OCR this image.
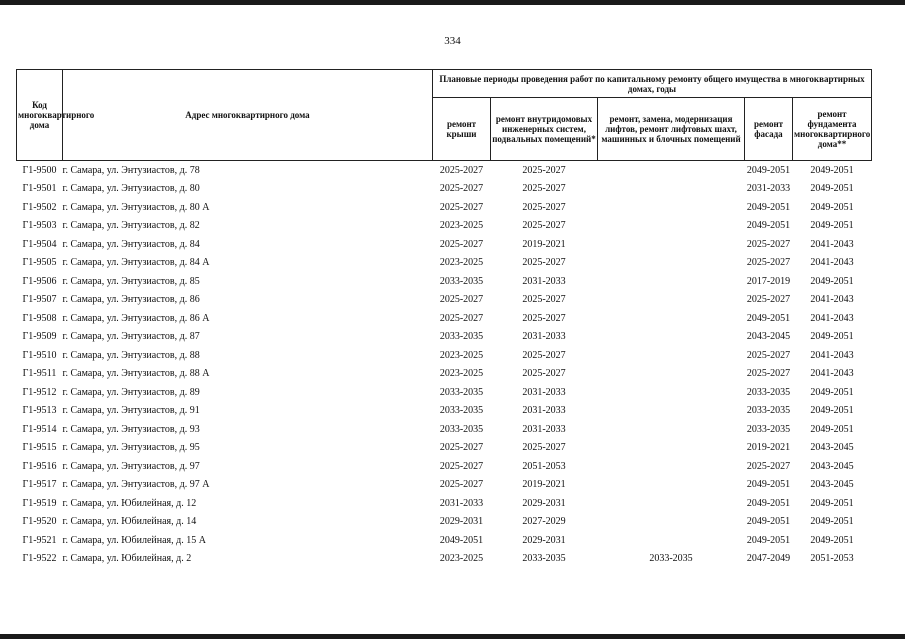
334
Код многоквартирного дома	Адрес многоквартирного дома	Плановые периоды проведения работ по капитальному ремонту общего имущества в многоквартирных домах, годы				
		ремонт крыши	ремонт внутридомовых инженерных систем, подвальных помещений*	ремонт, замена, модернизация лифтов, ремонт лифтовых шахт, машинных и блочных помещений	ремонт фасада	ремонт фундамента многоквартирного дома**
Г1-9500	г. Самара, ул. Энтузиастов, д. 78	2025-2027	2025-2027		2049-2051	2049-2051
Г1-9501	г. Самара, ул. Энтузиастов, д. 80	2025-2027	2025-2027		2031-2033	2049-2051
Г1-9502	г. Самара, ул. Энтузиастов, д. 80 А	2025-2027	2025-2027		2049-2051	2049-2051
Г1-9503	г. Самара, ул. Энтузиастов, д. 82	2023-2025	2025-2027		2049-2051	2049-2051
Г1-9504	г. Самара, ул. Энтузиастов, д. 84	2025-2027	2019-2021		2025-2027	2041-2043
Г1-9505	г. Самара, ул. Энтузиастов, д. 84 А	2023-2025	2025-2027		2025-2027	2041-2043
Г1-9506	г. Самара, ул. Энтузиастов, д. 85	2033-2035	2031-2033		2017-2019	2049-2051
Г1-9507	г. Самара, ул. Энтузиастов, д. 86	2025-2027	2025-2027		2025-2027	2041-2043
Г1-9508	г. Самара, ул. Энтузиастов, д. 86 А	2025-2027	2025-2027		2049-2051	2041-2043
Г1-9509	г. Самара, ул. Энтузиастов, д. 87	2033-2035	2031-2033		2043-2045	2049-2051
Г1-9510	г. Самара, ул. Энтузиастов, д. 88	2023-2025	2025-2027		2025-2027	2041-2043
Г1-9511	г. Самара, ул. Энтузиастов, д. 88 А	2023-2025	2025-2027		2025-2027	2041-2043
Г1-9512	г. Самара, ул. Энтузиастов, д. 89	2033-2035	2031-2033		2033-2035	2049-2051
Г1-9513	г. Самара, ул. Энтузиастов, д. 91	2033-2035	2031-2033		2033-2035	2049-2051
Г1-9514	г. Самара, ул. Энтузиастов, д. 93	2033-2035	2031-2033		2033-2035	2049-2051
Г1-9515	г. Самара, ул. Энтузиастов, д. 95	2025-2027	2025-2027		2019-2021	2043-2045
Г1-9516	г. Самара, ул. Энтузиастов, д. 97	2025-2027	2051-2053		2025-2027	2043-2045
Г1-9517	г. Самара, ул. Энтузиастов, д. 97 А	2025-2027	2019-2021		2049-2051	2043-2045
Г1-9519	г. Самара, ул. Юбилейная, д. 12	2031-2033	2029-2031		2049-2051	2049-2051
Г1-9520	г. Самара, ул. Юбилейная, д. 14	2029-2031	2027-2029		2049-2051	2049-2051
Г1-9521	г. Самара, ул. Юбилейная, д. 15 А	2049-2051	2029-2031		2049-2051	2049-2051
Г1-9522	г. Самара, ул. Юбилейная, д. 2	2023-2025	2033-2035	2033-2035	2047-2049	2051-2053
